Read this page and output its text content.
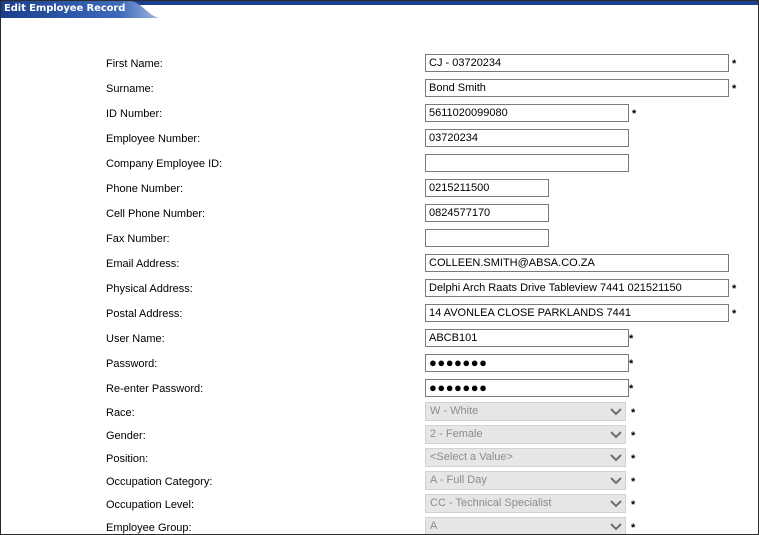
Edit Employee Record
First Name:	CJ - 03720234	*
Surname:	Bond Smith	*
ID Number:	5611020099080	*
Employee Number:	03720234
Company Employee ID:
Phone Number:	0215211500
Cell Phone Number:	0824577170
Fax Number:
Email Address:	COLLEEN.SMITH@ABSA.CO.ZA
Physical Address:	Delphi Arch Raats Drive Tableview 7441 021521150	*
Postal Address:	14 AVONLEA CLOSE PARKLANDS 7441	*
User Name:	ABCB101	*
Password:	●●●●●●●	*
Re-enter Password:	●●●●●●●	*
Race:	W - White	*
Gender:	2 - Female	*
Position:	<Select a Value>	*
Occupation Category:	A - Full Day	*
Occupation Level:	CC - Technical Specialist	*
Employee Group:	A	*
